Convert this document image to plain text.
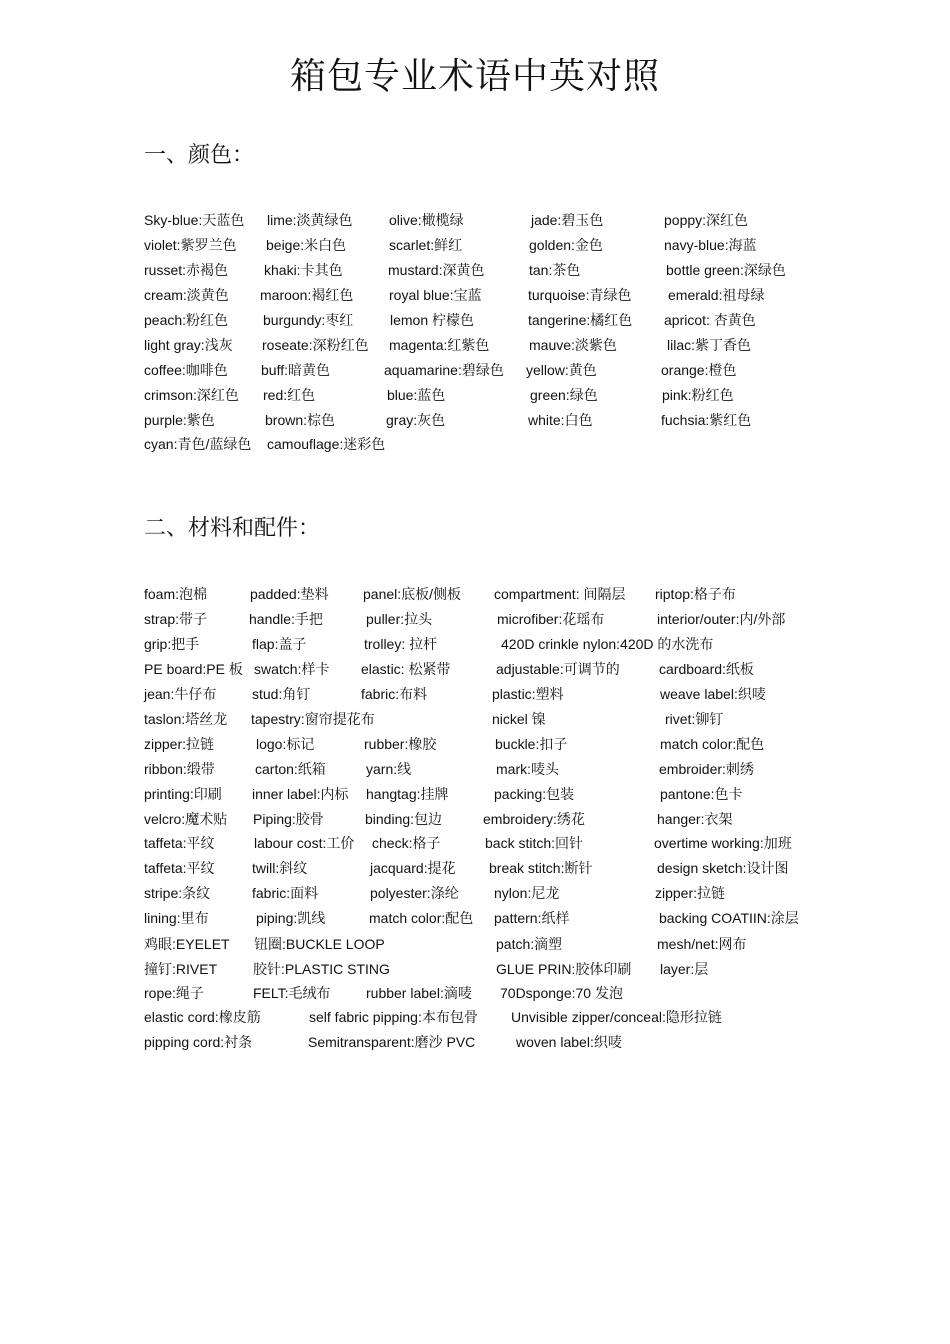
箱包专业术语中英对照
一、颜色：
二、材料和配件：
Sky-blue:天蓝色 lime:淡黄绿色	olive:橄榄绿	jade:碧玉色	poppy:深红色
violet:紫罗兰色 beige:米白色	scarlet:鲜红	golden:金色	navy-blue:海蓝
russet:赤褐色	khaki:卡其色	mustard:深黄色	tan:茶色	bottle green:深绿色
cream:淡黄色 maroon:褐红色	royal blue:宝蓝	turquoise:青绿色	emerald:祖母绿
peach:粉红色 burgundy:枣红	lemon 柠檬色	tangerine:橘红色 apricot: 杏黄色
light gray:浅灰 roseate:深粉红色 magenta:红紫色	mauve:淡紫色	lilac:紫丁香色
coffee:咖啡色 buff:暗黄色	aquamarine:碧绿色 yellow:黄色	orange:橙色
crimson:深红色 red:红色	blue:蓝色	green:绿色	pink:粉红色
purple:紫色	brown:棕色	gray:灰色	white:白色	fuchsia:紫红色
cyan:青色/蓝绿色 camouflage:迷彩色
foam:泡棉	padded:垫料 panel:底板/侧板 compartment: 间隔层 riptop:格子布
strap:带子	handle:手把	puller:拉头	microfiber:花瑶布	interior/outer:内/外部
grip:把手	flap:盖子	trolley: 拉杆	420D crinkle nylon:420D 的水洗布
PE board:PE 板 swatch:样卡 elastic: 松紧带	adjustable:可调节的	cardboard:纸板
jean:牛仔布	stud:角钉	fabric:布料	plastic:塑料	weave label:织唛
taslon:塔丝龙 tapestry:窗帘提花布	nickel 镍	rivet:铆钉
zipper:拉链	logo:标记	rubber:橡胶	buckle:扣子	match color:配色
ribbon:缎带	carton:纸箱	yarn:线	mark:唛头	embroider:刺绣
printing:印刷 inner label:内标 hangtag:挂牌	packing:包装	pantone:色卡
velcro:魔术贴 Piping:胶骨	binding:包边	embroidery:绣花	hanger:衣架
taffeta:平纹	labour cost:工价 check:格子	back stitch:回针	overtime working:加班
taffeta:平纹	twill:斜纹	jacquard:提花 break stitch:断针	design sketch:设计图
stripe:条纹	fabric:面料	polyester:涤纶	nylon:尼龙	zipper:拉链
lining:里布	piping:凯线	match color:配色 pattern:纸样	backing COATIIN:涂层
鸡眼:EYELET 钮圈:BUCKLE LOOP	patch:滴塑	mesh/net:网布
撞钉:RIVET	胶针:PLASTIC STING	GLUE PRIN:胶体印刷 layer:层
rope:绳子	FELT:毛绒布	rubber label:滴唛 70Dsponge:70 发泡
elastic cord:橡皮筋	self fabric pipping:本布包骨 Unvisible zipper/conceal:隐形拉链
pipping cord:衬条	Semitransparent:磨沙 PVC	woven label:织唛
